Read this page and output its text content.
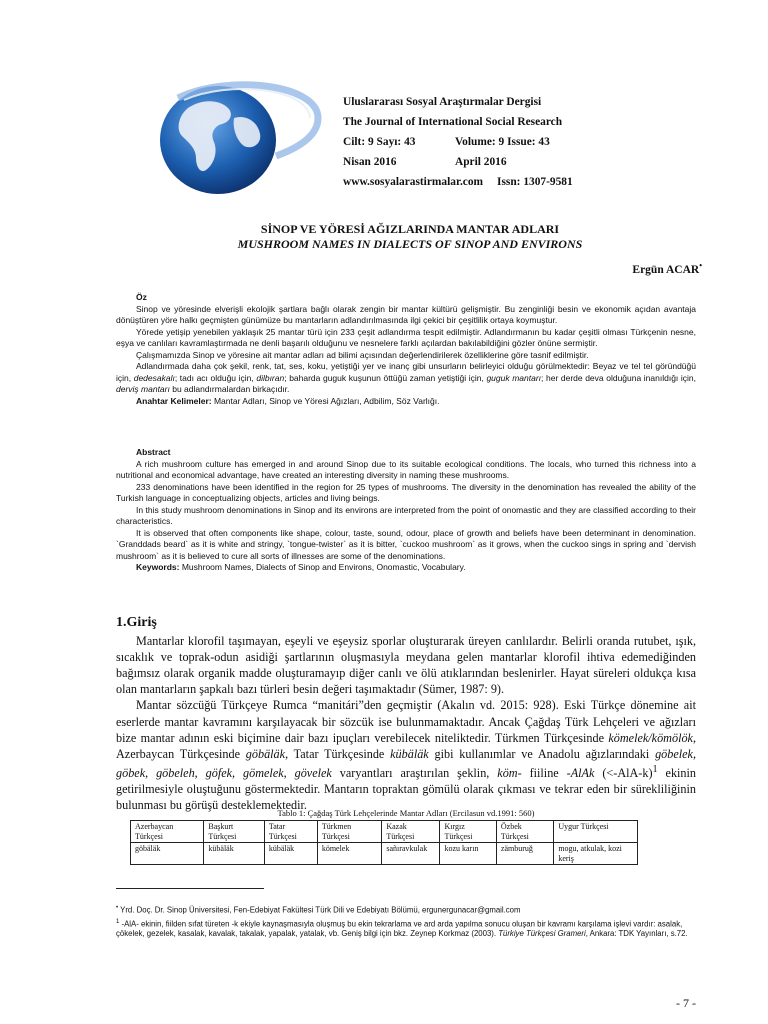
Uluslararası Sosyal Araştırmalar Dergisi
The Journal of International Social Research
Cilt: 9 Sayı: 43	Volume: 9 Issue: 43
Nisan 2016	April 2016
www.sosyalarastirmalar.com Issn: 1307-9581
SİNOP VE YÖRESİ AĞIZLARINDA MANTAR ADLARI
MUSHROOM NAMES IN DIALECTS OF SINOP AND ENVIRONS
Ergün ACAR•

Öz

Sinop ve yöresinde elverişli ekolojik şartlara bağlı olarak zengin bir mantar kültürü gelişmiştir. Bu zenginliği besin ve ekonomik açıdan avantaja dönüştüren yöre halkı geçmişten günümüze bu mantarların adlandırılmasında ilgi çekici bir çeşitlilik ortaya koymuştur.

Yörede yetişip yenebilen yaklaşık 25 mantar türü için 233 çeşit adlandırma tespit edilmiştir. Adlandırmanın bu kadar çeşitli olması Türkçenin nesne, eşya ve canlıları kavramlaştırmada ne denli başarılı olduğunu ve nesnelere farklı açılardan bakılabildiğini gözler önüne sermiştir.

Çalışmamızda Sinop ve yöresine ait mantar adları ad bilimi açısından değerlendirilerek özelliklerine göre tasnif edilmiştir.

Adlandırmada daha çok şekil, renk, tat, ses, koku, yetiştiği yer ve inanç gibi unsurların belirleyici olduğu görülmektedir: Beyaz ve tel tel göründüğü için, dedesakalı; tadı acı olduğu için, dilbıran; baharda guguk kuşunun öttüğü zaman yetiştiği için, guguk mantarı; her derde deva olduğuna inanıldığı için, derviş mantarı bu adlandırmalardan birkaçıdır.

Anahtar Kelimeler: Mantar Adları, Sinop ve Yöresi Ağızları, Adbilim, Söz Varlığı.

Abstract

A rich mushroom culture has emerged in and around Sinop due to its suitable ecological conditions. The locals, who turned this richness into a nutritional and economical advantage, have created an interesting diversity in naming these mushrooms.

233 denominations have been identified in the region for 25 types of mushrooms. The diversity in the denomination has revealed the ability of the Turkish language in conceptualizing objects, articles and living beings.

In this study mushroom denominations in Sinop and its environs are interpreted from the point of onomastic and they are classified according to their characteristics.

It is observed that often components like shape, colour, taste, sound, odour, place of growth and beliefs have been determinant in denomination. `Granddads beard` as it is white and stringy, `tongue-twister` as it is bitter, `cuckoo mushroom` as it grows, when the cuckoo sings in spring and `dervish mushroom` as it is believed to cure all sorts of illnesses are some of the denominations.

Keywords: Mushroom Names, Dialects of Sinop and Environs, Onomastic, Vocabulary.

1.Giriş

Mantarlar klorofil taşımayan, eşeyli ve eşeysiz sporlar oluşturarak üreyen canlılardır. Belirli oranda rutubet, ışık, sıcaklık ve toprak-odun asidiği şartlarının oluşmasıyla meydana gelen mantarlar klorofil ihtiva edemediğinden bağımsız olarak organik madde oluşturamayıp diğer canlı ve ölü atıklarından beslenirler. Hayat süreleri oldukça kısa olan mantarların şapkalı bazı türleri besin değeri taşımaktadır (Sümer, 1987: 9).

Mantar sözcüğü Türkçeye Rumca “manitári”den geçmiştir (Akalın vd. 2015: 928). Eski Türkçe dönemine ait eserlerde mantar kavramını karşılayacak bir sözcük ise bulunmamaktadır. Ancak Çağdaş Türk Lehçeleri ve ağızları bize mantar adının eski biçimine dair bazı ipuçları verebilecek niteliktedir. Türkmen Türkçesinde kömelek/kömölök, Azerbaycan Türkçesinde göbäläk, Tatar Türkçesinde kübäläk gibi kullanımlar ve Anadolu ağızlarındaki göbelek, göbek, göbeleh, göfek, gömelek, gövelek varyantları araştırılan şeklin, köm- fiiline -AlAk (<-AlA-k)$^1$ ekinin getirilmesiyle oluştuğunu göstermektedir. Mantarın topraktan gömülü olarak çıkması ve tekrar eden bir sürekliliğinin bulunması bu görüşü desteklemektedir.

Tablo 1: Çağdaş Türk Lehçelerinde Mantar Adları (Ercilasun vd.1991: 560)
Azerbaycan Türkçesi	Başkurt Türkçesi	Tatar Türkçesi	Türkmen Türkçesi	Kazak Türkçesi	Kırgız Türkçesi	Özbek Türkçesi	Uygur Türkçesi
göbäläk	kübäläk	kübäläk	kömelek	sañıravkulak	kozu karın	zämburuğ	mogu, atkulak, kozi keriş
• Yrd. Doç. Dr. Sinop Üniversitesi, Fen-Edebiyat Fakültesi Türk Dili ve Edebiyatı Bölümü, ergunergunacar@gmail.com
$^1$ -AlA- ekinin, fiilden sıfat türeten -k ekiyle kaynaşmasıyla oluşmuş bu ekin tekrarlama ve ard arda yapılma sonucu oluşan bir kavramı karşılama işlevi vardır: asalak, çökelek, gezelek, kasalak, kavalak, takalak, yapalak, yatalak, vb. Geniş bilgi için bkz. Zeynep Korkmaz (2003). Türkiye Türkçesi Grameri, Ankara: TDK Yayınları, s.72.
- 7 -
